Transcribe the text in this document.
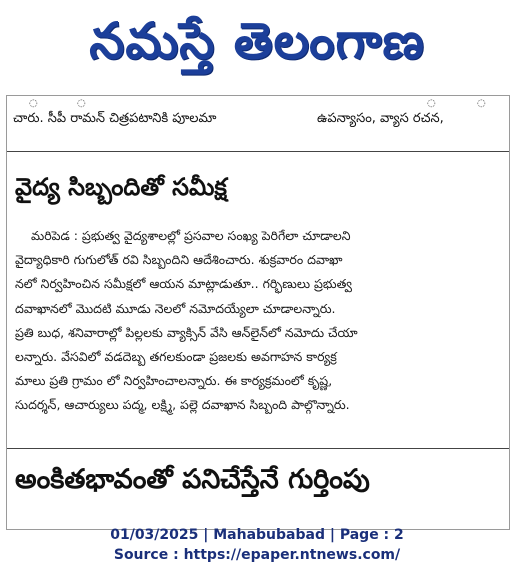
నమస్తే తెలంగాణ
◌	◌	◌	◌
చారు. సీపీ రామన్ చిత్రపటానికి పూలమా	ఉపన్యాసం, వ్యాస రచన,
వైద్య సిబ్బందితో సమీక్ష
మరిపెడ : ప్రభుత్వ వైద్యశాలల్లో ప్రసవాల సంఖ్య పెరిగేలా చూడాలని
వైద్యాధికారి గుగులోత్ రవి సిబ్బందిని ఆదేశించారు. శుక్రవారం దవాఖా
నలో నిర్వహించిన సమీక్షలో ఆయన మాట్లాడుతూ.. గర్భిణులు ప్రభుత్వ
దవాఖానలో మొదటి మూడు నెలలో నమోదయ్యేలా చూడాలన్నారు.
ప్రతి బుధ, శనివారాల్లో పిల్లలకు వ్యాక్సిన్ వేసి ఆన్‌లైన్‌లో నమోదు చేయా
లన్నారు. వేసవిలో వడదెబ్బ తగలకుండా ప్రజలకు అవగాహన కార్యక్ర
మాలు ప్రతి గ్రామం లో నిర్వహించాలన్నారు. ఈ కార్యక్రమంలో కృష్ణ,
సుదర్శన్, ఆచార్యులు పద్మ, లక్ష్మి, పల్లె దవాఖాన సిబ్బంది పాల్గొన్నారు.
అంకితభావంతో పనిచేస్తేనే గుర్తింపు
01/03/2025 | Mahabubabad | Page : 2
Source : https://epaper.ntnews.com/
